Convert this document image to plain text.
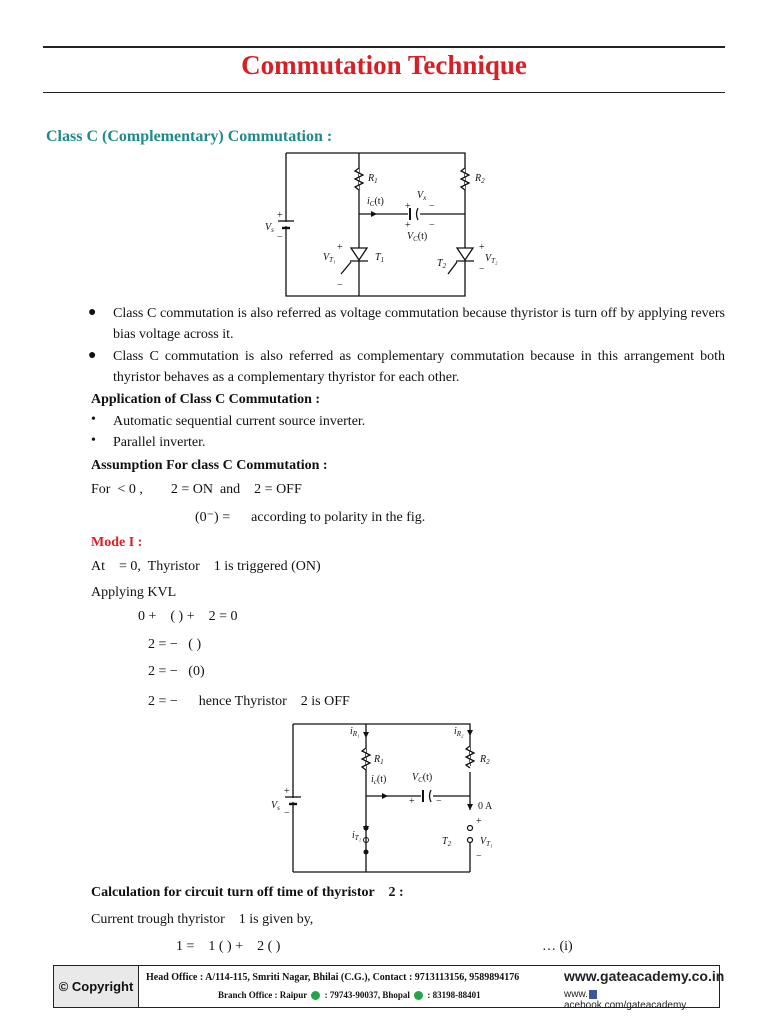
Commutation Technique
Class C (Complementary) Commutation :
$R_1$	$R_2$
$V_x$
$i_C(t)$
$V_C(t)$
$V_s$
$T_1$	$T_2$
$V_{T_1}$	$V_{T_2}$
+
−
+ −
+ −
+
−
+
−
● Class C commutation is also referred as voltage commutation because thyristor is turn off by applying revers bias voltage across it.
● Class C commutation is also referred as complementary commutation because in this arrangement both thyristor behaves as a complementary thyristor for each other.
Application of Class C Commutation :
• Automatic sequential current source inverter.
• Parallel inverter.
Assumption For class C Commutation :
For  < 0 ,        2 = ON  and    2 = OFF
(0⁻) =      according to polarity in the fig.
Mode I :
At    = 0,  Thyristor    1 is triggered (ON)
Applying KVL
0 +    ( ) +    2 = 0
2 = −   ( )
2 = −   (0)
2 = −      hence Thyristor    2 is OFF
$i_{R_1}$	$i_{R_2}$
$R_1$	$R_2$
$i_c(t)$	$V_C(t)$
$V_s$
$i_{T_1}$	$T_2$	$V_{T_1}$
0 A
+
−
+ −
+
−
Calculation for circuit turn off time of thyristor    2 :
Current trough thyristor    1 is given by,
1 =    1 ( ) +    2 ( )	… (i)
© Copyright
Head Office : A/114-115, Smriti Nagar, Bhilai (C.G.), Contact : 9713113156, 9589894176
Branch Office : Raipur : 79743-90037, Bhopal : 83198-88401
www.gateacademy.co.in
www.acebook.com/gateacademy
